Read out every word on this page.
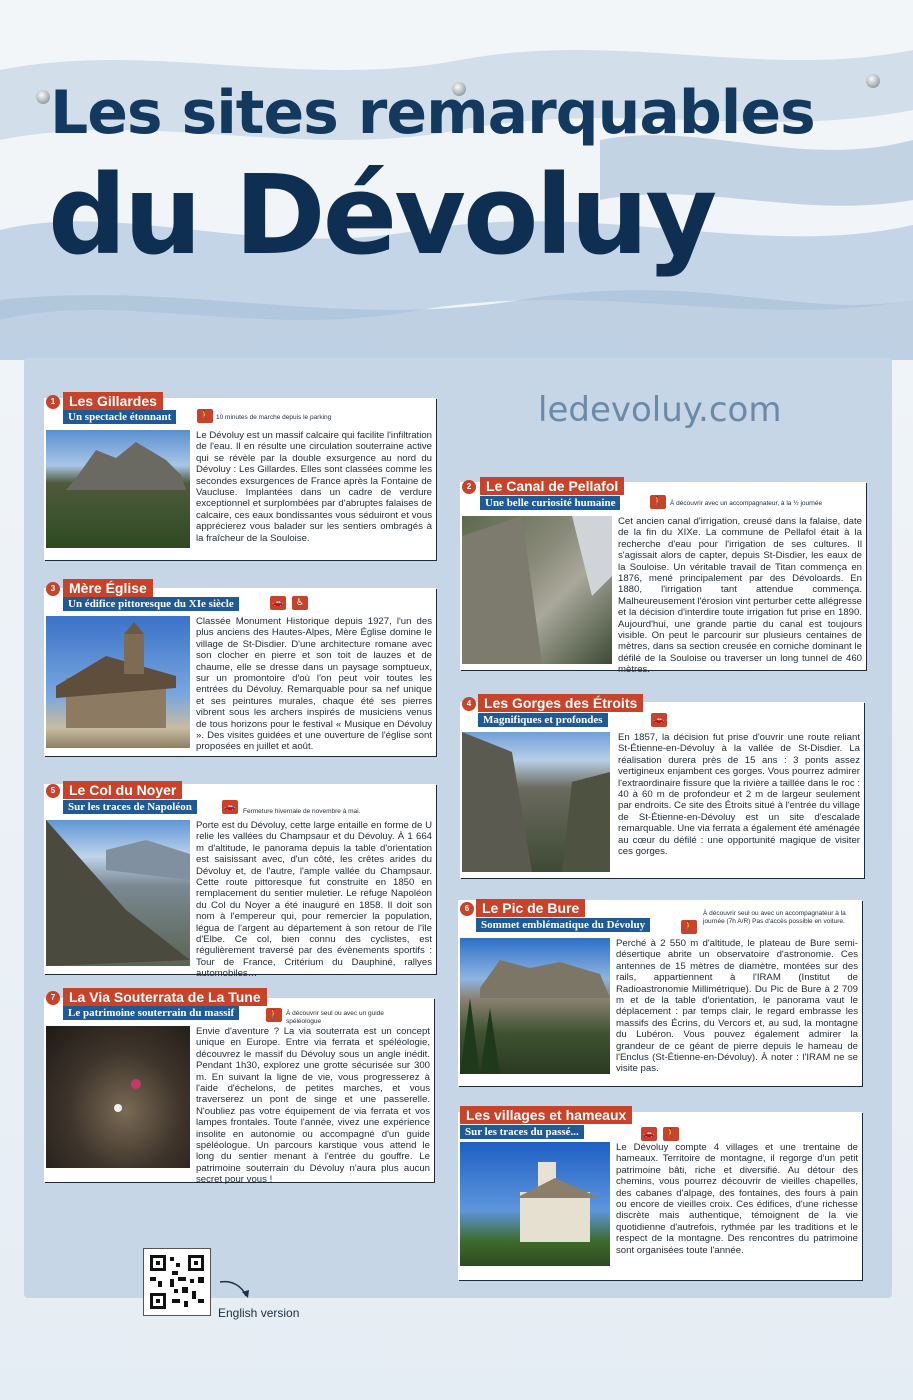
Les sites remarquables
du Dévoluy
ledevoluy.com
Le Dévoluy est un massif calcaire qui facilite l'infiltration de l'eau. Il en résulte une circulation souterraine active qui se révèle par la double exsurgence au nord du Dévoluy : Les Gillardes. Elles sont classées comme les secondes exsurgences de France après la Fontaine de Vaucluse. Implantées dans un cadre de verdure exceptionnel et surplombées par d'abruptes falaises de calcaire, ces eaux bondissantes vous séduiront et vous apprécierez vous balader sur les sentiers ombragés à la fraîcheur de la Souloise.
1 Les Gillardes
Un spectacle étonnant	🚶 10 minutes de marche depuis le parking
Classée Monument Historique depuis 1927, l'un des plus anciens des Hautes-Alpes, Mère Église domine le village de St-Disdier. D'une architecture romane avec son clocher en pierre et son toit de lauzes et de chaume, elle se dresse dans un paysage somptueux, sur un promontoire d'où l'on peut voir toutes les entrées du Dévoluy. Remarquable pour sa nef unique et ses peintures murales, chaque été ses pierres vibrent sous les archers inspirés de musiciens venus de tous horizons pour le festival « Musique en Dévoluy ». Des visites guidées et une ouverture de l'église sont proposées en juillet et août.
3 Mère Église
Un édifice pittoresque du XIe siècle	🚗	♿
Porte est du Dévoluy, cette large entaille en forme de U relie les vallées du Champsaur et du Dévoluy. À 1 664 m d'altitude, le panorama depuis la table d'orientation est saisissant avec, d'un côté, les crêtes arides du Dévoluy et, de l'autre, l'ample vallée du Champsaur. Cette route pittoresque fut construite en 1850 en remplacement du sentier muletier. Le refuge Napoléon du Col du Noyer a été inauguré en 1858. Il doit son nom à l'empereur qui, pour remercier la population, légua de l'argent au département à son retour de l'île d'Elbe. Ce col, bien connu des cyclistes, est régulièrement traversé par des évènements sportifs : Tour de France, Critérium du Dauphiné, rallyes automobiles…
5 Le Col du Noyer
Sur les traces de Napoléon	🚗	Fermeture hivernale de novembre à mai.
Envie d'aventure ? La via souterrata est un concept unique en Europe. Entre via ferrata et spéléologie, découvrez le massif du Dévoluy sous un angle inédit. Pendant 1h30, explorez une grotte sécurisée sur 300 m. En suivant la ligne de vie, vous progresserez à l'aide d'échelons, de petites marches, et vous traverserez un pont de singe et une passerelle. N'oubliez pas votre équipement de via ferrata et vos lampes frontales. Toute l'année, vivez une expérience insolite en autonomie ou accompagné d'un guide spéléologue. Un parcours karstique vous attend le long du sentier menant à l'entrée du gouffre. Le patrimoine souterrain du Dévoluy n'aura plus aucun secret pour vous !
7 La Via Souterrata de La Tune
Le patrimoine souterrain du massif	🚶 À découvrir seul ou avec un guide spéléologue
Cet ancien canal d'irrigation, creusé dans la falaise, date de la fin du XIXe. La commune de Pellafol était à la recherche d'eau pour l'irrigation de ses cultures. Il s'agissait alors de capter, depuis St-Disdier, les eaux de la Souloise. Un véritable travail de Titan commença en 1876, mené principalement par des Dévoloards. En 1880, l'irrigation tant attendue commença. Malheureusement l'érosion vint perturber cette allégresse et la décision d'interdire toute irrigation fut prise en 1890. Aujourd'hui, une grande partie du canal est toujours visible. On peut le parcourir sur plusieurs centaines de mètres, dans sa section creusée en corniche dominant le défilé de la Souloise ou traverser un long tunnel de 460 mètres.
2	Le Canal de Pellafol
Une belle curiosité humaine	🚶 À découvrir avec un accompagnateur, à la ½ journée
En 1857, la décision fut prise d'ouvrir une route reliant St-Étienne-en-Dévoluy à la vallée de St-Disdier. La réalisation durera près de 15 ans : 3 ponts assez vertigineux enjambent ces gorges. Vous pourrez admirer l'extraordinaire fissure que la rivière a taillée dans le roc : 40 à 60 m de profondeur et 2 m de largeur seulement par endroits. Ce site des Étroits situé à l'entrée du village de St-Étienne-en-Dévoluy est un site d'escalade remarquable. Une via ferrata a également été aménagée au cœur du défilé : une opportunité magique de visiter ces gorges.
4 Les Gorges des Étroits
Magnifiques et profondes	🚗
Perché à 2 550 m d'altitude, le plateau de Bure semi-désertique abrite un observatoire d'astronomie. Ces antennes de 15 mètres de diamètre, montées sur des rails, appartiennent à l'IRAM (Institut de Radioastronomie Millimétrique). Du Pic de Bure à 2 709 m et de la table d'orientation, le panorama vaut le déplacement : par temps clair, le regard embrasse les massifs des Écrins, du Vercors et, au sud, la montagne du Lubéron. Vous pouvez également admirer la grandeur de ce géant de pierre depuis le hameau de l'Enclus (St-Étienne-en-Dévoluy). À noter : l'IRAM ne se visite pas.
6 Le Pic de Bure
Sommet emblématique du Dévoluy	🚶
À découvrir seul ou avec un accompagnateur à la journée (7h A/R) Pas d'accès possible en voiture.
Le Dévoluy compte 4 villages et une trentaine de hameaux. Territoire de montagne, il regorge d'un petit patrimoine bâti, riche et diversifié. Au détour des chemins, vous pourrez découvrir de vieilles chapelles, des cabanes d'alpage, des fontaines, des fours à pain ou encore de vieilles croix. Ces édifices, d'une richesse discrète mais authentique, témoignent de la vie quotidienne d'autrefois, rythmée par les traditions et le respect de la montagne. Des rencontres du patrimoine sont organisées toute l'année.
Les villages et hameaux
Sur les traces du passé...	🚗 🚶
English version
